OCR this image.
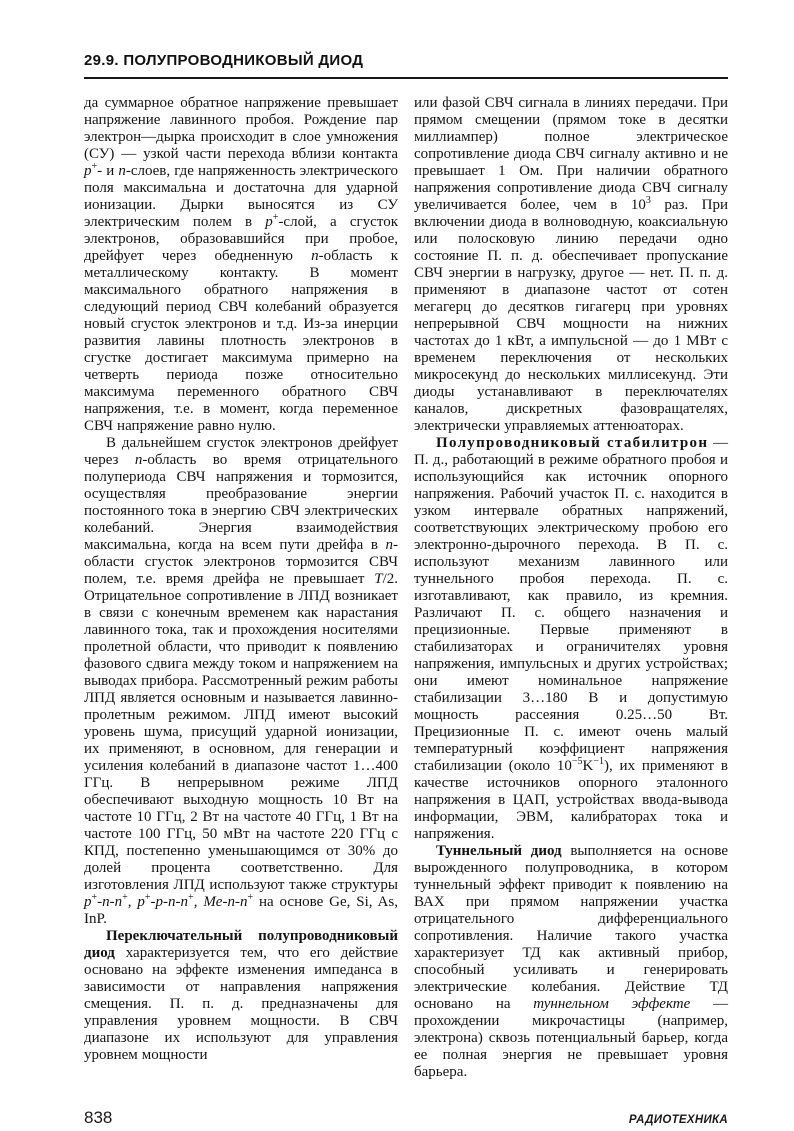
29.9. ПОЛУПРОВОДНИКОВЫЙ ДИОД

да суммарное обратное напряжение превышает напряжение лавинного пробоя. Рождение пар электрон—дырка происходит в слое умножения (СУ) — узкой части перехода вблизи контакта p+- и n-слоев, где напряженность электрического поля максимальна и достаточна для ударной ионизации. Дырки выносятся из СУ электрическим полем в p+-слой, а сгусток электронов, образовавшийся при пробое, дрейфует через обедненную n-область к металлическому контакту. В момент максимального обратного напряжения в следующий период СВЧ колебаний образуется новый сгусток электронов и т.д. Из-за инерции развития лавины плотность электронов в сгустке достигает максимума примерно на четверть периода позже относительно максимума переменного обратного СВЧ напряжения, т.е. в момент, когда переменное СВЧ напряжение равно нулю.

В дальнейшем сгусток электронов дрейфует через n-область во время отрицательного полупериода СВЧ напряжения и тормозится, осуществляя преобразование энергии постоянного тока в энергию СВЧ электрических колебаний. Энергия взаимодействия максимальна, когда на всем пути дрейфа в n-области сгусток электронов тормозится СВЧ полем, т.е. время дрейфа не превышает T/2. Отрицательное сопротивление в ЛПД возникает в связи с конечным временем как нарастания лавинного тока, так и прохождения носителями пролетной области, что приводит к появлению фазового сдвига между током и напряжением на выводах прибора. Рассмотренный режим работы ЛПД является основным и называется лавинно-пролетным режимом. ЛПД имеют высокий уровень шума, присущий ударной ионизации, их применяют, в основном, для генерации и усиления колебаний в диапазоне частот 1…400 ГГц. В непрерывном режиме ЛПД обеспечивают выходную мощность 10 Вт на частоте 10 ГГц, 2 Вт на частоте 40 ГГц, 1 Вт на частоте 100 ГГц, 50 мВт на частоте 220 ГГц с КПД, постепенно уменьшающимся от 30% до долей процента соответственно. Для изготовления ЛПД используют также структуры p+-n-n+, p+-p-n-n+, Me-n-n+ на основе Ge, Si, As, InP.

Переключательный полупроводниковый диод характеризуется тем, что его действие основано на эффекте изменения импеданса в зависимости от направления напряжения смещения. П. п. д. предназначены для управления уровнем мощности. В СВЧ диапазоне их используют для управления уровнем мощности

или фазой СВЧ сигнала в линиях передачи. При прямом смещении (прямом токе в десятки миллиампер) полное электрическое сопротивление диода СВЧ сигналу активно и не превышает 1 Ом. При наличии обратного напряжения сопротивление диода СВЧ сигналу увеличивается более, чем в $10^3$ раз. При включении диода в волноводную, коаксиальную или полосковую линию передачи одно состояние П. п. д. обеспечивает пропускание СВЧ энергии в нагрузку, другое — нет. П. п. д. применяют в диапазоне частот от сотен мегагерц до десятков гигагерц при уровнях непрерывной СВЧ мощности на нижних частотах до 1 кВт, а импульсной — до 1 МВт с временем переключения от нескольких микросекунд до нескольких миллисекунд. Эти диоды устанавливают в переключателях каналов, дискретных фазовращателях, электрически управляемых аттенюаторах.

Полупроводниковый стабилитрон — П. д., работающий в режиме обратного пробоя и использующийся как источник опорного напряжения. Рабочий участок П. с. находится в узком интервале обратных напряжений, соответствующих электрическому пробою его электронно-дырочного перехода. В П. с. используют механизм лавинного или туннельного пробоя перехода. П. с. изготавливают, как правило, из кремния. Различают П. с. общего назначения и прецизионные. Первые применяют в стабилизаторах и ограничителях уровня напряжения, импульсных и других устройствах; они имеют номинальное напряжение стабилизации 3…180 В и допустимую мощность рассеяния 0.25…50 Вт. Прецизионные П. с. имеют очень малый температурный коэффициент напряжения стабилизации (около $10^{-5}K^{-1}$), их применяют в качестве источников опорного эталонного напряжения в ЦАП, устройствах ввода-вывода информации, ЭВМ, калибраторах тока и напряжения.

Туннельный диод выполняется на основе вырожденного полупроводника, в котором туннельный эффект приводит к появлению на ВАХ при прямом напряжении участка отрицательного дифференциального сопротивления. Наличие такого участка характеризует ТД как активный прибор, способный усиливать и генерировать электрические колебания. Действие ТД основано на туннельном эффекте — прохождении микрочастицы (например, электрона) сквозь потенциальный барьер, когда ее полная энергия не превышает уровня барьера.

838	РАДИОТЕХНИКА
